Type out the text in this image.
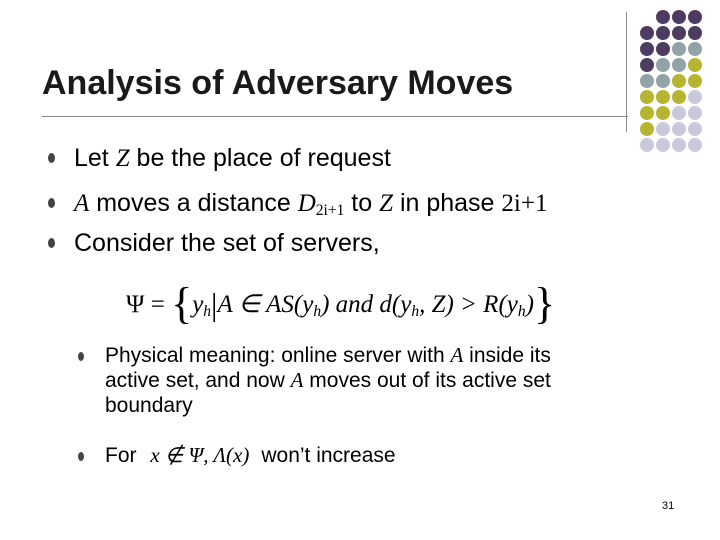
Analysis of Adversary Moves
Let Z be the place of request
A moves a distance $D_{2i+1}$ to Z in phase 2i+1
Consider the set of servers,
$\Psi = \{y_h|A$ ∈ $AS(y_h)$ and $d(y_h$, $Z) > R(y_h)$}
Physical meaning: online server with A inside its
active set, and now A moves out of its active set
boundary
For x ∉ Ψ, Λ(x) won’t increase
31
